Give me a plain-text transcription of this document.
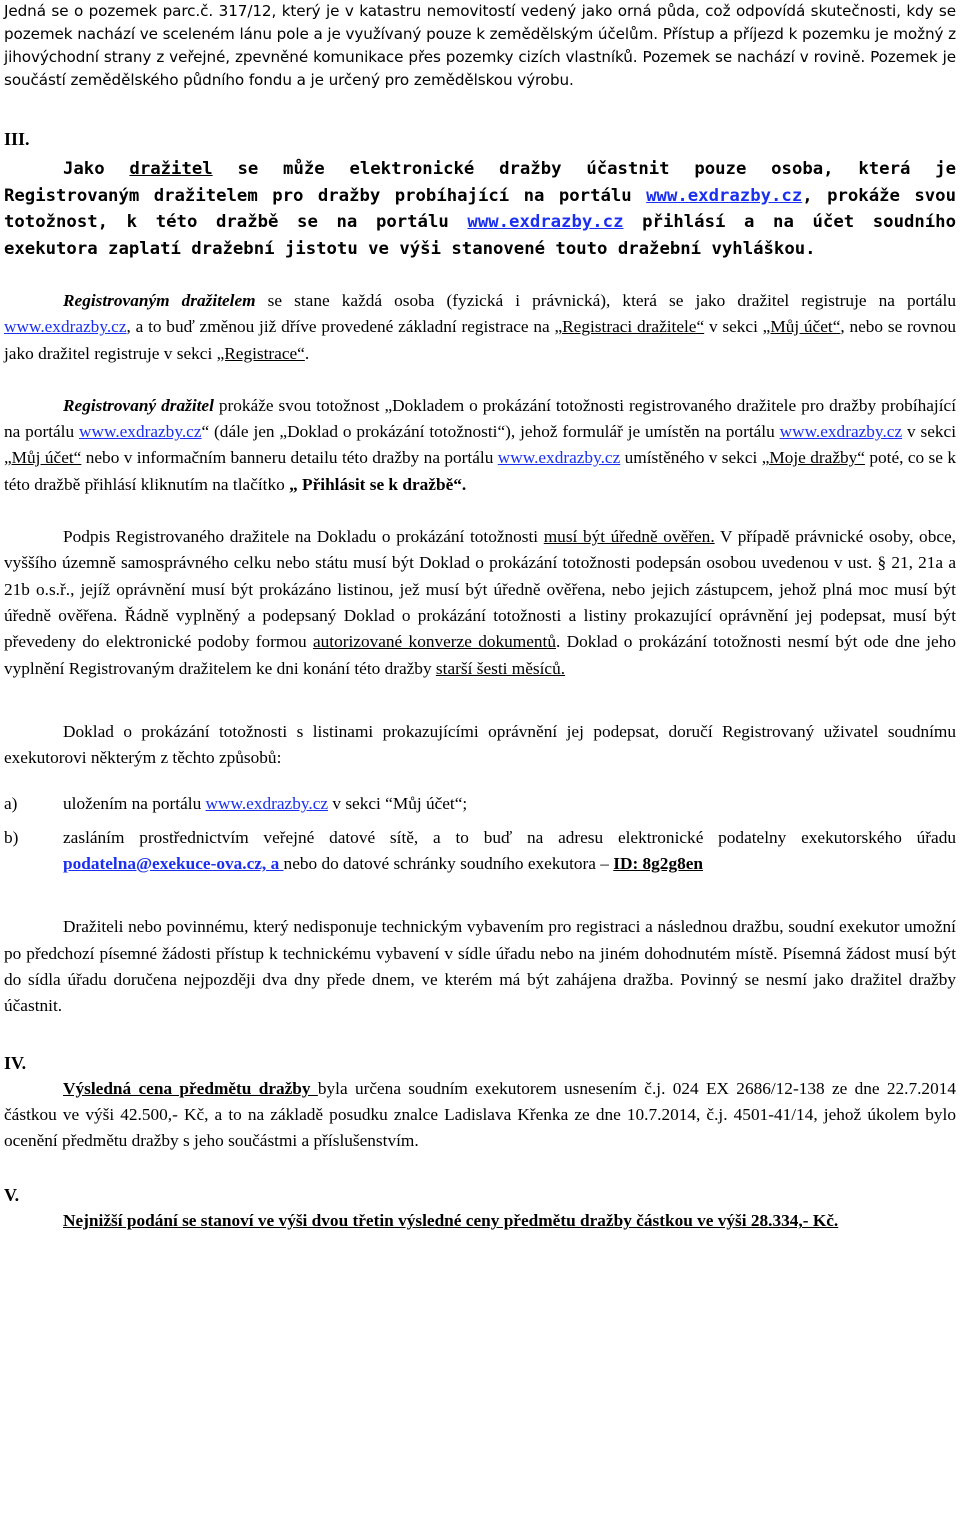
Jedná se o pozemek parc.č. 317/12, který je v katastru nemovitostí vedený jako orná půda, což odpovídá skutečnosti, kdy se pozemek nachází ve sceleném lánu pole a je využívaný pouze k zemědělským účelům. Přístup a příjezd k pozemku je možný z jihovýchodní strany z veřejné, zpevněné komunikace přes pozemky cizích vlastníků. Pozemek se nachází v rovině. Pozemek je součástí zemědělského půdního fondu a je určený pro zemědělskou výrobu.

III.

Jako dražitel se může elektronické dražby účastnit pouze osoba, která je Registrovaným dražitelem pro dražby probíhající na portálu www.exdrazby.cz, prokáže svou totožnost, k této dražbě se na portálu www.exdrazby.cz přihlásí a na účet soudního exekutora zaplatí dražební jistotu ve výši stanovené touto dražební vyhláškou.

Registrovaným dražitelem se stane každá osoba (fyzická i právnická), která se jako dražitel registruje na portálu www.exdrazby.cz, a to buď změnou již dříve provedené základní registrace na „Registraci dražitele“ v sekci „Můj účet“, nebo se rovnou jako dražitel registruje v sekci „Registrace“.

Registrovaný dražitel prokáže svou totožnost „Dokladem o prokázání totožnosti registrovaného dražitele pro dražby probíhající na portálu www.exdrazby.cz“ (dále jen „Doklad o prokázání totožnosti“), jehož formulář je umístěn na portálu www.exdrazby.cz v sekci „Můj účet“ nebo v informačním banneru detailu této dražby na portálu www.exdrazby.cz umístěného v sekci „Moje dražby“ poté, co se k této dražbě přihlásí kliknutím na tlačítko „ Přihlásit se k dražbě“.

Podpis Registrovaného dražitele na Dokladu o prokázání totožnosti musí být úředně ověřen. V případě právnické osoby, obce, vyššího územně samosprávného celku nebo státu musí být Doklad o prokázání totožnosti podepsán osobou uvedenou v ust. § 21, 21a a 21b o.s.ř., jejíž oprávnění musí být prokázáno listinou, jež musí být úředně ověřena, nebo jejich zástupcem, jehož plná moc musí být úředně ověřena. Řádně vyplněný a podepsaný Doklad o prokázání totožnosti a listiny prokazující oprávnění jej podepsat, musí být převedeny do elektronické podoby formou autorizované konverze dokumentů. Doklad o prokázání totožnosti nesmí být ode dne jeho vyplnění Registrovaným dražitelem ke dni konání této dražby starší šesti měsíců.

Doklad o prokázání totožnosti s listinami prokazujícími oprávnění jej podepsat, doručí Registrovaný uživatel soudnímu exekutorovi některým z těchto způsobů:

a)	uložením na portálu www.exdrazby.cz v sekci “Můj účet“;
b)	zasláním prostřednictvím veřejné datové sítě, a to buď na adresu elektronické podatelny exekutorského úřadu podatelna@exekuce-ova.cz, a nebo do datové schránky soudního exekutora – ID: 8g2g8en

Dražiteli nebo povinnému, který nedisponuje technickým vybavením pro registraci a následnou dražbu, soudní exekutor umožní po předchozí písemné žádosti přístup k technickému vybavení v sídle úřadu nebo na jiném dohodnutém místě. Písemná žádost musí být do sídla úřadu doručena nejpozději dva dny přede dnem, ve kterém má být zahájena dražba. Povinný se nesmí jako dražitel dražby účastnit.

IV.

Výsledná cena předmětu dražby byla určena soudním exekutorem usnesením č.j. 024 EX 2686/12-138 ze dne 22.7.2014 částkou ve výši 42.500,- Kč, a to na základě posudku znalce Ladislava Křenka ze dne 10.7.2014, č.j. 4501-41/14, jehož úkolem bylo ocenění předmětu dražby s jeho součástmi a příslušenstvím.

V.

Nejnižší podání se stanoví ve výši dvou třetin výsledné ceny předmětu dražby částkou ve výši 28.334,- Kč.
